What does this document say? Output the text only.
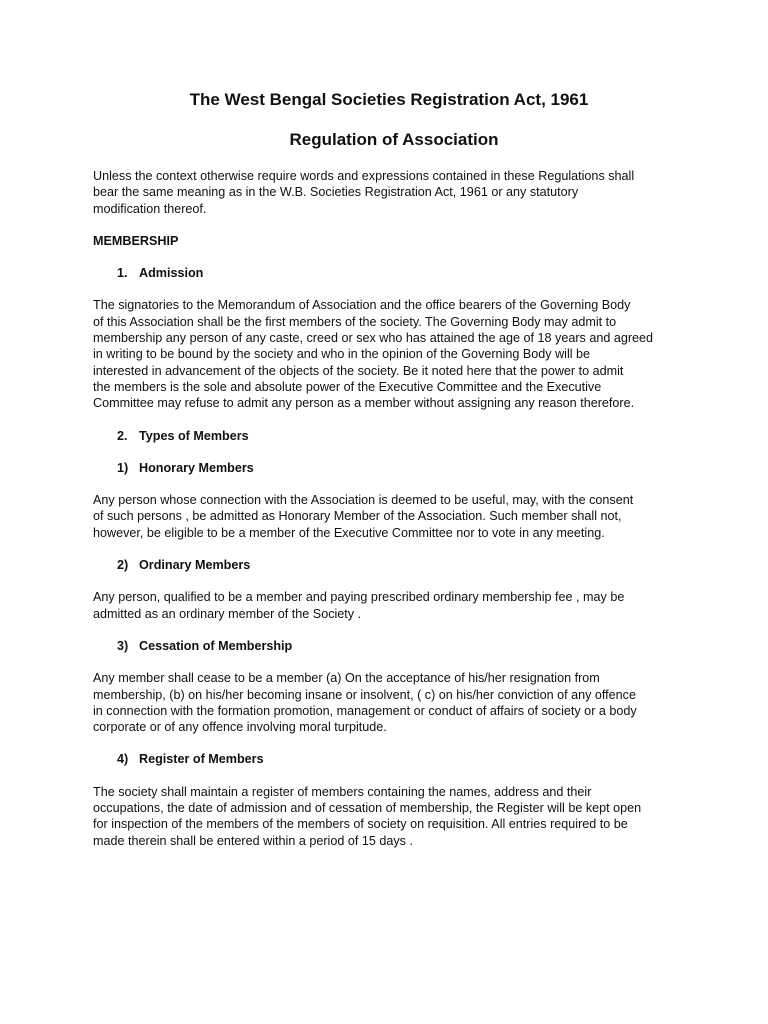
The West Bengal Societies Registration Act, 1961
Regulation of Association

Unless the context otherwise require words and expressions contained in these Regulations shall
bear the same meaning as in the W.B. Societies Registration Act, 1961 or any statutory
modification thereof.

MEMBERSHIP

1. Admission

The signatories to the Memorandum of Association and the office bearers of the Governing Body
of this Association shall be the first members of the society. The Governing Body may admit to
membership any person of any caste, creed or sex who has attained the age of 18 years and agreed
in writing to be bound by the society and who in the opinion of the Governing Body will be
interested in advancement of the objects of the society. Be it noted here that the power to admit
the members is the sole and absolute power of the Executive Committee and the Executive
Committee may refuse to admit any person as a member without assigning any reason therefore.

2. Types of Members
1) Honorary Members

Any person whose connection with the Association is deemed to be useful, may, with the consent
of such persons , be admitted as Honorary Member of the Association. Such member shall not,
however, be eligible to be a member of the Executive Committee nor to vote in any meeting.

2) Ordinary Members

Any person, qualified to be a member and paying prescribed ordinary membership fee , may be
admitted as an ordinary member of the Society .

3) Cessation of Membership

Any member shall cease to be a member (a) On the acceptance of his/her resignation from
membership, (b) on his/her becoming insane or insolvent, ( c) on his/her conviction of any offence
in connection with the formation promotion, management or conduct of affairs of society or a body
corporate or of any offence involving moral turpitude.

4) Register of Members

The society shall maintain a register of members containing the names, address and their
occupations, the date of admission and of cessation of membership, the Register will be kept open
for inspection of the members of the members of society on requisition. All entries required to be
made therein shall be entered within a period of 15 days .
